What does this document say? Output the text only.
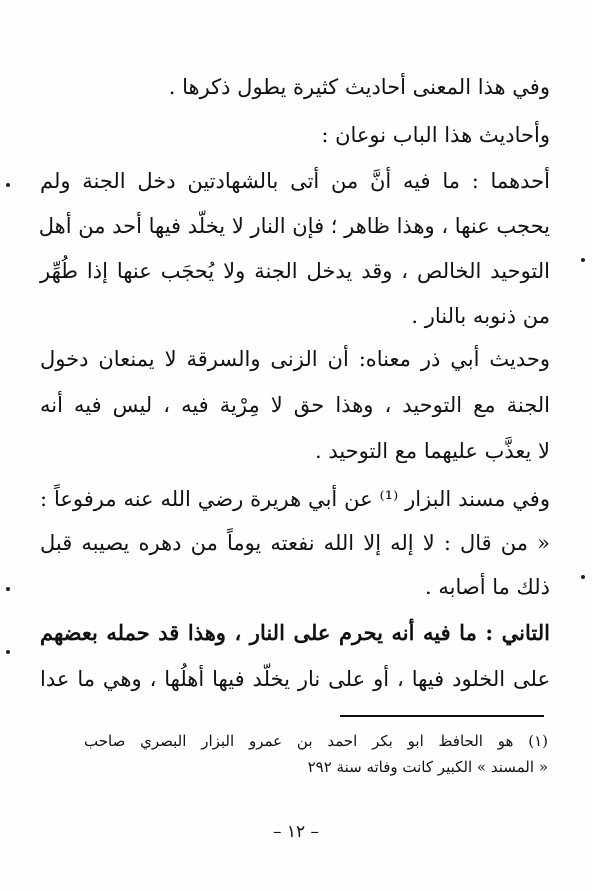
وفي هذا المعنى أحاديث كثيرة يطول ذكرها .
وأحاديث هذا الباب نوعان :
أحدهما : ما فيه أنَّ من أتى بالشهادتين دخل الجنة ولم
يحجب عنها ، وهذا ظاهر ؛ فإن النار لا يخلّد فيها أحد من أهل
التوحيد الخالص ، وقد يدخل الجنة ولا يُحجَب عنها إذا طُهِّر
من ذنوبه بالنار .
وحديث أبي ذر معناه: أن الزنى والسرقة لا يمنعان دخول
الجنة مع التوحيد ، وهذا حق لا مِرْية فيه ، ليس فيه أنه
لا يعذَّب عليهما مع التوحيد .
وفي مسند البزار ⁽¹⁾ عن أبي هريرة رضي الله عنه مرفوعاً :
« من قال : لا إله إلا الله نفعته يوماً من دهره يصيبه قبل
ذلك ما أصابه .
التاني : ما فيه أنه يحرم على النار ، وهذا قد حمله بعضهم
على الخلود فيها ، أو على نار يخلّد فيها أهلُها ، وهي ما عدا
(١) هو الحافظ ابو بكر احمد بن عمرو البزار البصري صاحب
« المسند » الكبير كانت وفاته سنة ٢٩٢
– ١٢ –
